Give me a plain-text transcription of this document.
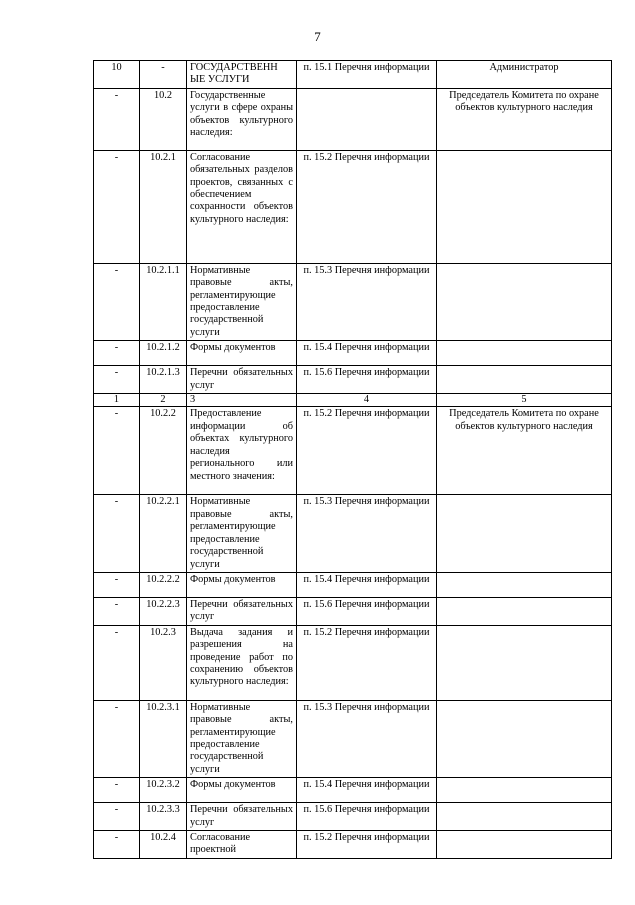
7
10	-	ГОСУДАРСТВЕНН ЫЕ УСЛУГИ	п. 15.1 Перечня информации	Администратор
-	10.2	Государственные услуги в сфере охраны объектов культурного наследия:		Председатель Комитета по охране объектов культурного наследия
-	10.2.1	Согласование обязательных разделов проектов, связанных с обеспечением сохранности объектов культурного наследия:	п. 15.2 Перечня информации	
-	10.2.1.1	Нормативные правовые акты, регламентирующие предоставление государственной услуги	п. 15.3 Перечня информации	
-	10.2.1.2	Формы документов	п. 15.4 Перечня информации	
-	10.2.1.3	Перечни обязательных услуг	п. 15.6 Перечня информации	
1	2	3	4	5
-	10.2.2	Предоставление информации об объектах культурного наследия регионального или местного значения:	п. 15.2 Перечня информации	Председатель Комитета по охране объектов культурного наследия
-	10.2.2.1	Нормативные правовые акты, регламентирующие предоставление государственной услуги	п. 15.3 Перечня информации	
-	10.2.2.2	Формы документов	п. 15.4 Перечня информации	
-	10.2.2.3	Перечни обязательных услуг	п. 15.6 Перечня информации	
-	10.2.3	Выдача задания и разрешения на проведение работ по сохранению объектов культурного наследия:	п. 15.2 Перечня информации	
-	10.2.3.1	Нормативные правовые акты, регламентирующие предоставление государственной услуги	п. 15.3 Перечня информации	
-	10.2.3.2	Формы документов	п. 15.4 Перечня информации	
-	10.2.3.3	Перечни обязательных услуг	п. 15.6 Перечня информации	
-	10.2.4	Согласование проектной	п. 15.2 Перечня информации	
